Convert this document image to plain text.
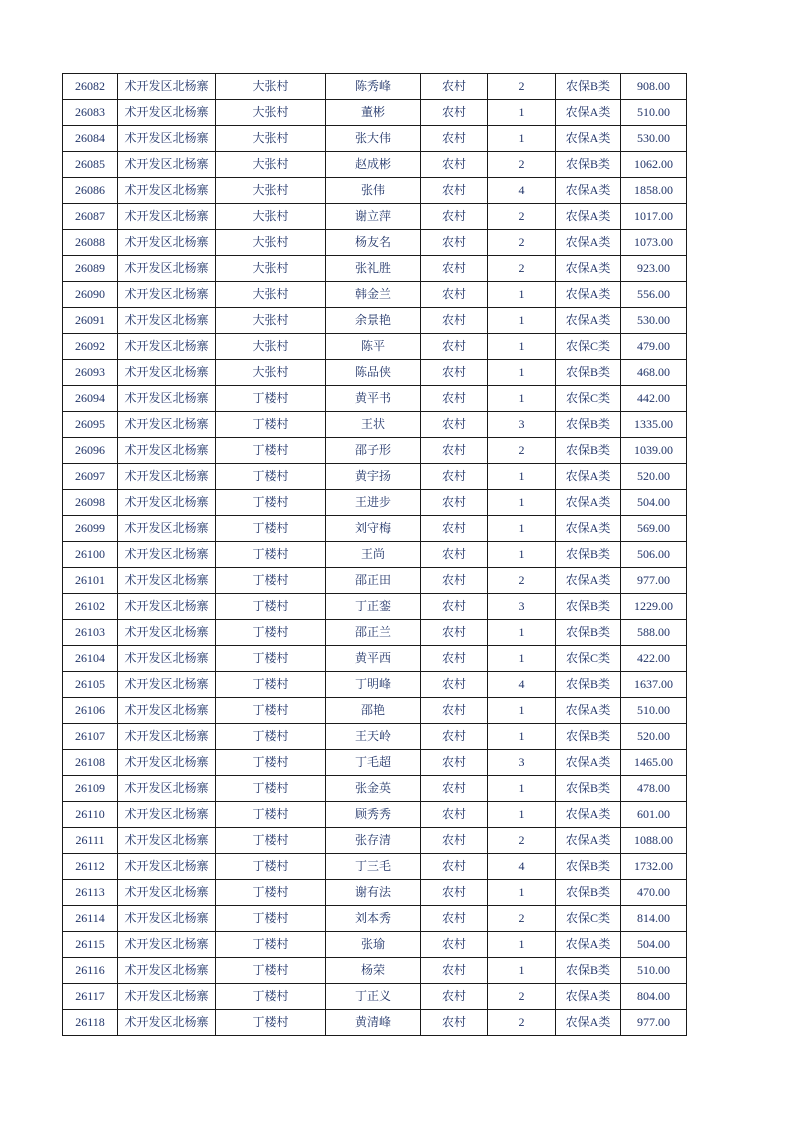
26082	术开发区北杨寨	大张村	陈秀峰	农村	2	农保B类	908.00
26083	术开发区北杨寨	大张村	董彬	农村	1	农保A类	510.00
26084	术开发区北杨寨	大张村	张大伟	农村	1	农保A类	530.00
26085	术开发区北杨寨	大张村	赵成彬	农村	2	农保B类	1062.00
26086	术开发区北杨寨	大张村	张伟	农村	4	农保A类	1858.00
26087	术开发区北杨寨	大张村	谢立萍	农村	2	农保A类	1017.00
26088	术开发区北杨寨	大张村	杨友名	农村	2	农保A类	1073.00
26089	术开发区北杨寨	大张村	张礼胜	农村	2	农保A类	923.00
26090	术开发区北杨寨	大张村	韩金兰	农村	1	农保A类	556.00
26091	术开发区北杨寨	大张村	余景艳	农村	1	农保A类	530.00
26092	术开发区北杨寨	大张村	陈平	农村	1	农保C类	479.00
26093	术开发区北杨寨	大张村	陈品侠	农村	1	农保B类	468.00
26094	术开发区北杨寨	丁楼村	黄平书	农村	1	农保C类	442.00
26095	术开发区北杨寨	丁楼村	王状	农村	3	农保B类	1335.00
26096	术开发区北杨寨	丁楼村	邵子形	农村	2	农保B类	1039.00
26097	术开发区北杨寨	丁楼村	黄宇扬	农村	1	农保A类	520.00
26098	术开发区北杨寨	丁楼村	王进步	农村	1	农保A类	504.00
26099	术开发区北杨寨	丁楼村	刘守梅	农村	1	农保A类	569.00
26100	术开发区北杨寨	丁楼村	王尚	农村	1	农保B类	506.00
26101	术开发区北杨寨	丁楼村	邵正田	农村	2	农保A类	977.00
26102	术开发区北杨寨	丁楼村	丁正銮	农村	3	农保B类	1229.00
26103	术开发区北杨寨	丁楼村	邵正兰	农村	1	农保B类	588.00
26104	术开发区北杨寨	丁楼村	黄平西	农村	1	农保C类	422.00
26105	术开发区北杨寨	丁楼村	丁明峰	农村	4	农保B类	1637.00
26106	术开发区北杨寨	丁楼村	邵艳	农村	1	农保A类	510.00
26107	术开发区北杨寨	丁楼村	王天岭	农村	1	农保B类	520.00
26108	术开发区北杨寨	丁楼村	丁毛超	农村	3	农保A类	1465.00
26109	术开发区北杨寨	丁楼村	张金英	农村	1	农保B类	478.00
26110	术开发区北杨寨	丁楼村	顾秀秀	农村	1	农保A类	601.00
26111	术开发区北杨寨	丁楼村	张存清	农村	2	农保A类	1088.00
26112	术开发区北杨寨	丁楼村	丁三毛	农村	4	农保B类	1732.00
26113	术开发区北杨寨	丁楼村	谢有法	农村	1	农保B类	470.00
26114	术开发区北杨寨	丁楼村	刘本秀	农村	2	农保C类	814.00
26115	术开发区北杨寨	丁楼村	张瑜	农村	1	农保A类	504.00
26116	术开发区北杨寨	丁楼村	杨荣	农村	1	农保B类	510.00
26117	术开发区北杨寨	丁楼村	丁正义	农村	2	农保A类	804.00
26118	术开发区北杨寨	丁楼村	黄清峰	农村	2	农保A类	977.00
